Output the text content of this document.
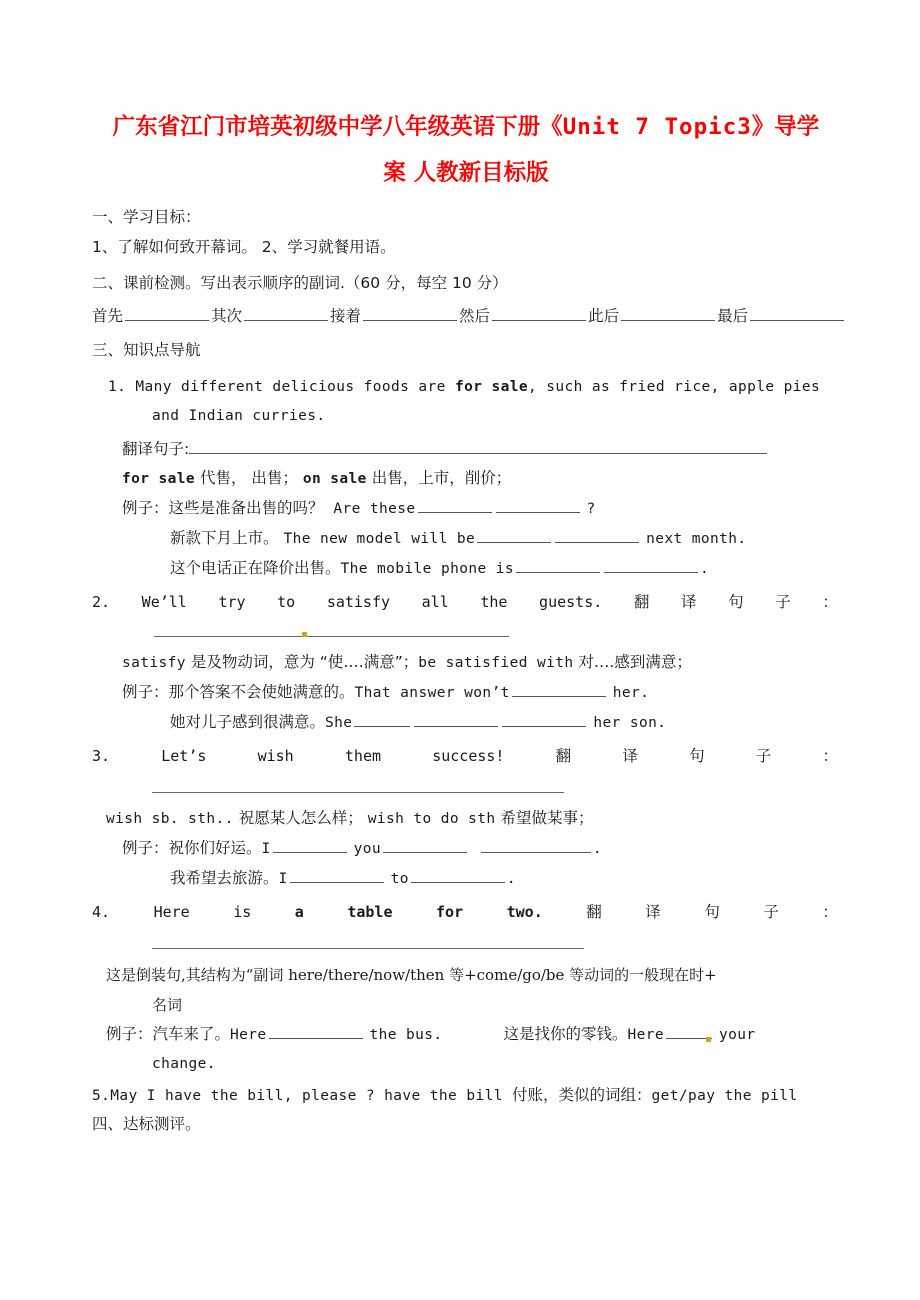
广东省江门市培英初级中学八年级英语下册《Unit 7 Topic3》导学
案 人教新目标版

一、学习目标：

1、了解如何致开幕词。 2、学习就餐用语。

二、课前检测。写出表示顺序的副词.（60 分，每空 10 分）

首先	其次	接着	然后	此后	最后

三、知识点导航

1. Many different delicious foods are for sale, such as fried rice, apple pies

and Indian curries.

翻译句子:

for sale 代售， 出售； on sale 出售，上市，削价；

例子：这些是准备出售的吗？ Are these	?

新款下月上市。 The new model will be	next month.

这个电话正在降价出售。The mobile phone is	.

2. We’ll try to satisfy all the guests. 翻 译 句 子 ：

satisfy 是及物动词，意为 “使….满意”；be satisfied with 对….感到满意；

例子：那个答案不会使她满意的。That answer won’t	her.

她对儿子感到很满意。She	her son.

3.	Let’s	wish	them	success!	翻	译	句	子	：

wish sb. sth.. 祝愿某人怎么样； wish to do sth 希望做某事；

例子：祝你们好运。I	you	.

我希望去旅游。I	to	.

4.	Here	is	a	table	for	two.	翻	译	句	子	：

这是倒装句,其结构为“副词 here/there/now/then 等+come/go/be 等动词的一般现在时+

名词

例子：汽车来了。Here	the bus.	这是找你的零钱。Here	your

change.

5.May I have the bill, please ? have the bill 付账，类似的词组：get/pay the pill

四、达标测评。
